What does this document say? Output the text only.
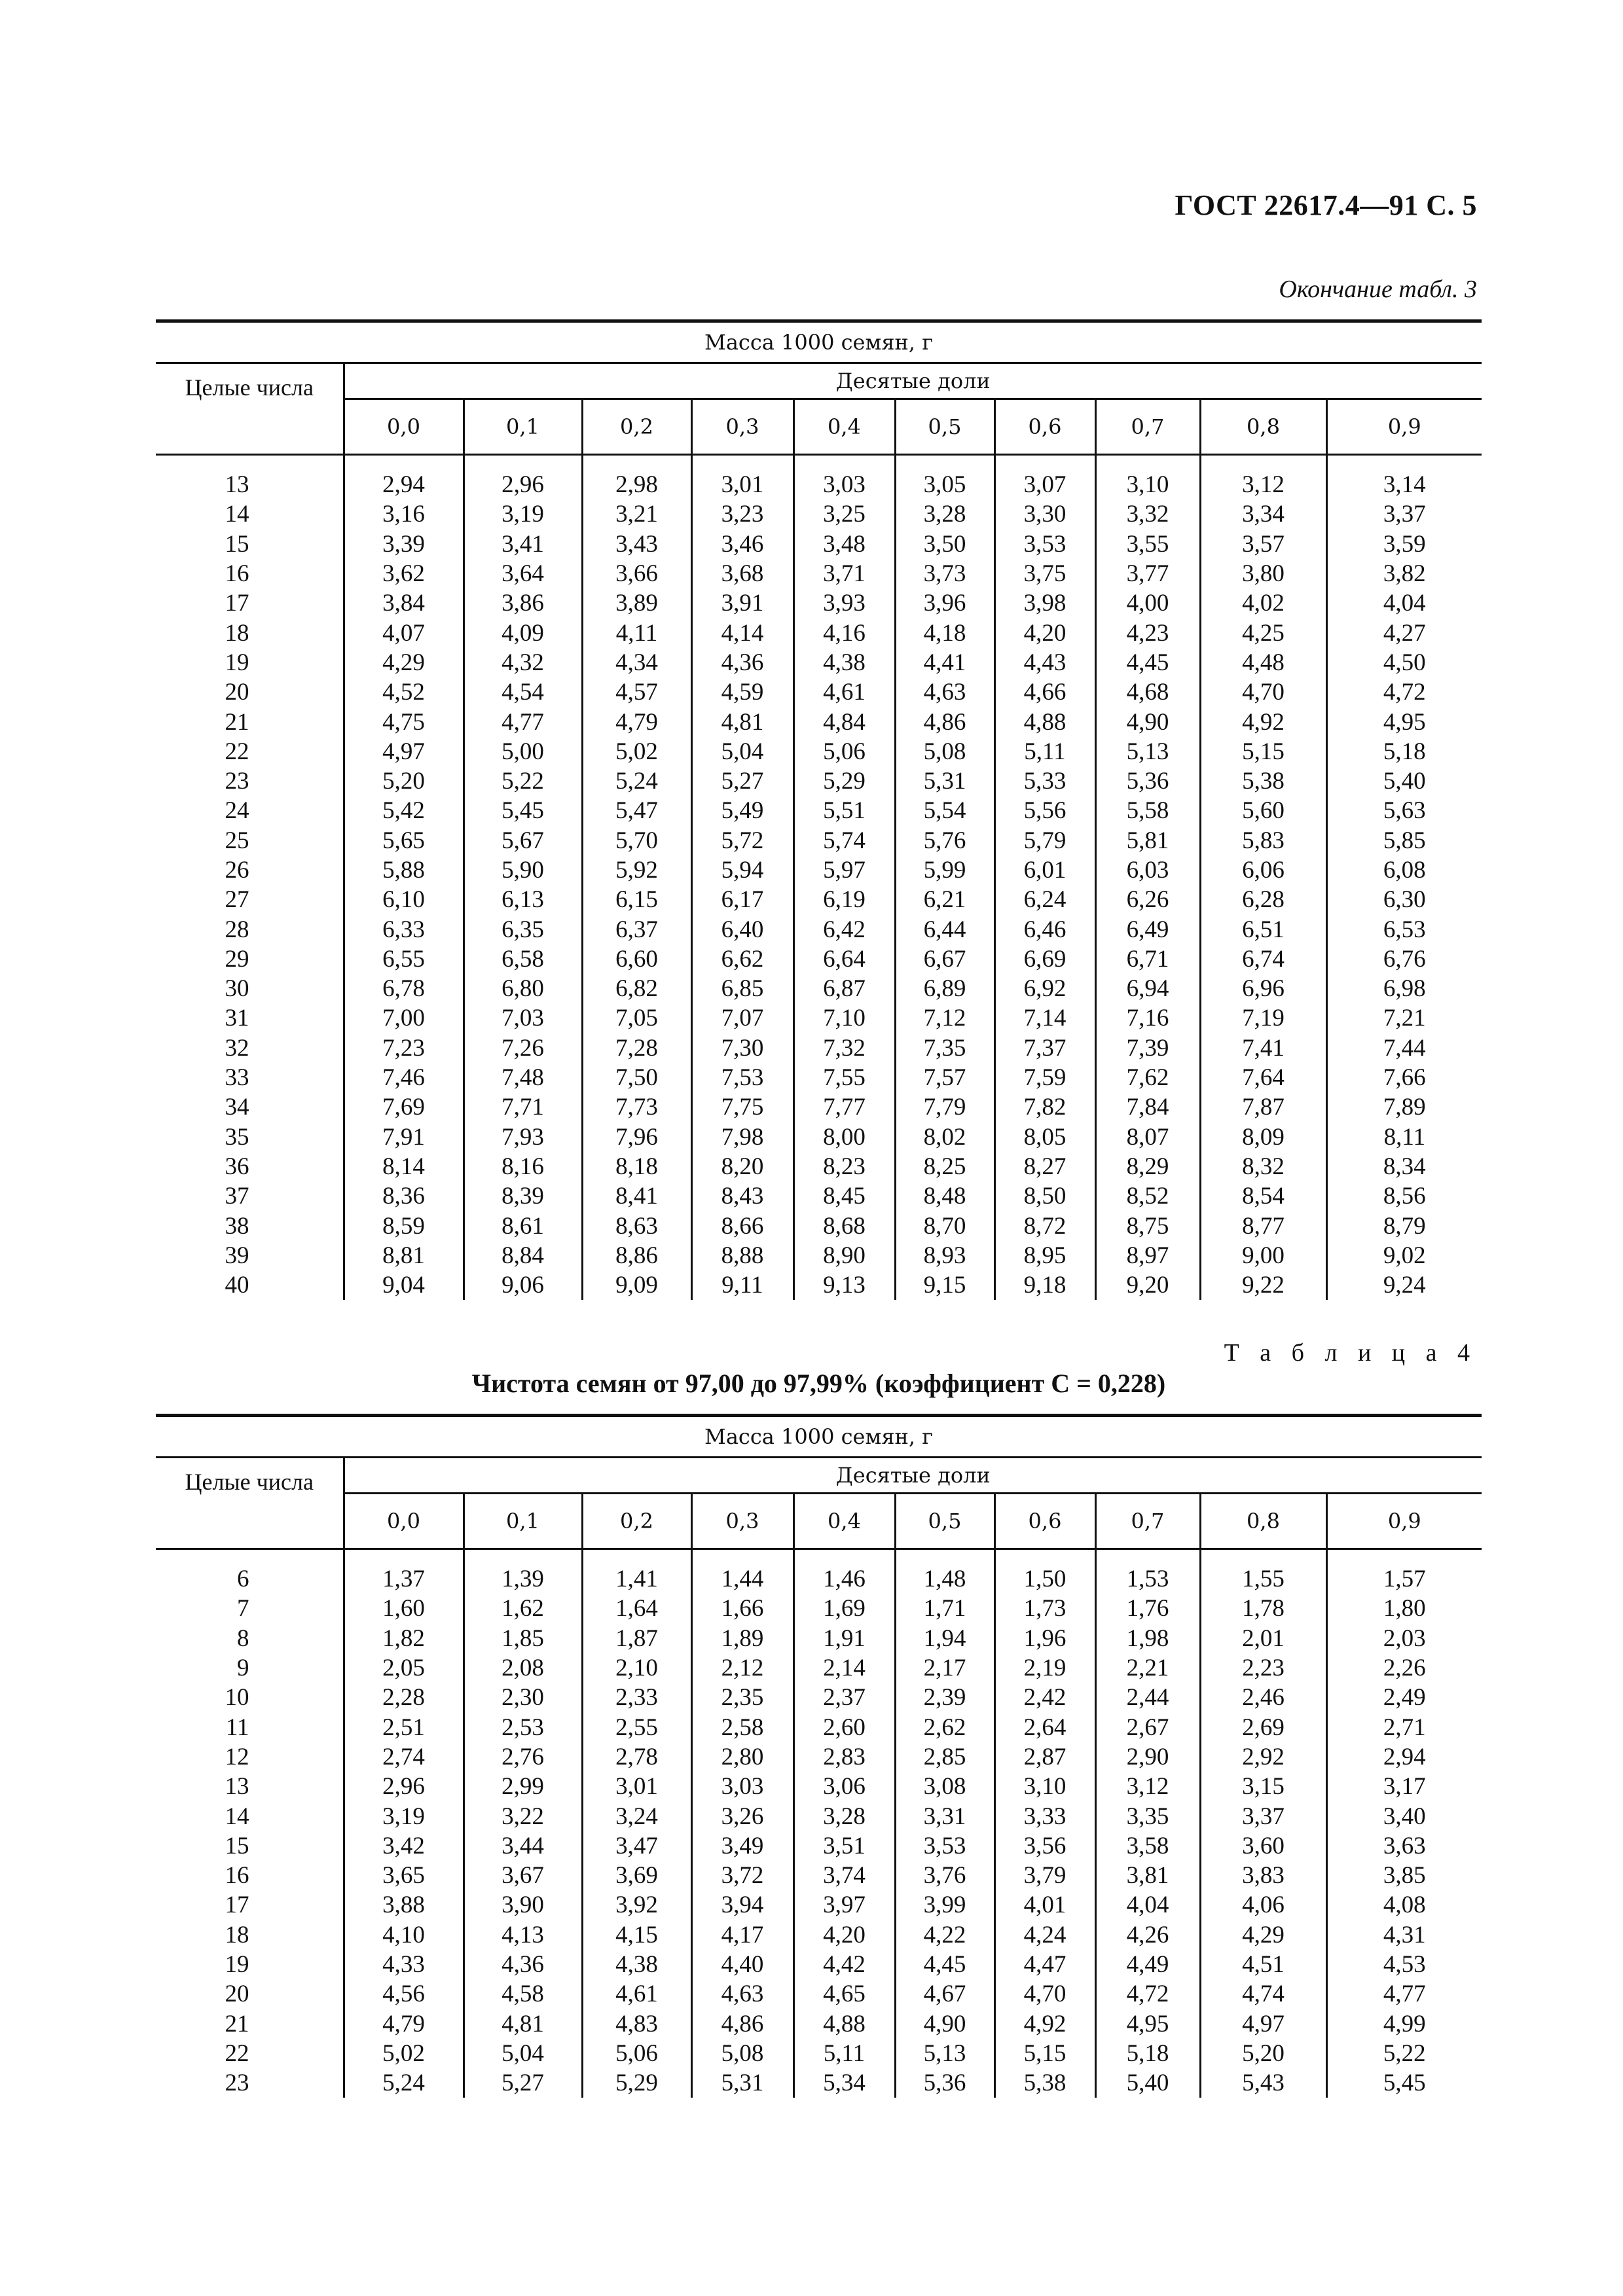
ГОСТ 22617.4—91 С. 5
Окончание табл. 3
Масса 1000 семян, г										
Целые числа	Десятые доли									
	0,0	0,1	0,2	0,3	0,4	0,5	0,6	0,7	0,8	0,9

13	2,94	2,96	2,98	3,01	3,03	3,05	3,07	3,10	3,12	3,14
14	3,16	3,19	3,21	3,23	3,25	3,28	3,30	3,32	3,34	3,37
15	3,39	3,41	3,43	3,46	3,48	3,50	3,53	3,55	3,57	3,59
16	3,62	3,64	3,66	3,68	3,71	3,73	3,75	3,77	3,80	3,82
17	3,84	3,86	3,89	3,91	3,93	3,96	3,98	4,00	4,02	4,04
18	4,07	4,09	4,11	4,14	4,16	4,18	4,20	4,23	4,25	4,27
19	4,29	4,32	4,34	4,36	4,38	4,41	4,43	4,45	4,48	4,50
20	4,52	4,54	4,57	4,59	4,61	4,63	4,66	4,68	4,70	4,72
21	4,75	4,77	4,79	4,81	4,84	4,86	4,88	4,90	4,92	4,95
22	4,97	5,00	5,02	5,04	5,06	5,08	5,11	5,13	5,15	5,18
23	5,20	5,22	5,24	5,27	5,29	5,31	5,33	5,36	5,38	5,40
24	5,42	5,45	5,47	5,49	5,51	5,54	5,56	5,58	5,60	5,63
25	5,65	5,67	5,70	5,72	5,74	5,76	5,79	5,81	5,83	5,85
26	5,88	5,90	5,92	5,94	5,97	5,99	6,01	6,03	6,06	6,08
27	6,10	6,13	6,15	6,17	6,19	6,21	6,24	6,26	6,28	6,30
28	6,33	6,35	6,37	6,40	6,42	6,44	6,46	6,49	6,51	6,53
29	6,55	6,58	6,60	6,62	6,64	6,67	6,69	6,71	6,74	6,76
30	6,78	6,80	6,82	6,85	6,87	6,89	6,92	6,94	6,96	6,98
31	7,00	7,03	7,05	7,07	7,10	7,12	7,14	7,16	7,19	7,21
32	7,23	7,26	7,28	7,30	7,32	7,35	7,37	7,39	7,41	7,44
33	7,46	7,48	7,50	7,53	7,55	7,57	7,59	7,62	7,64	7,66
34	7,69	7,71	7,73	7,75	7,77	7,79	7,82	7,84	7,87	7,89
35	7,91	7,93	7,96	7,98	8,00	8,02	8,05	8,07	8,09	8,11
36	8,14	8,16	8,18	8,20	8,23	8,25	8,27	8,29	8,32	8,34
37	8,36	8,39	8,41	8,43	8,45	8,48	8,50	8,52	8,54	8,56
38	8,59	8,61	8,63	8,66	8,68	8,70	8,72	8,75	8,77	8,79
39	8,81	8,84	8,86	8,88	8,90	8,93	8,95	8,97	9,00	9,02
40	9,04	9,06	9,09	9,11	9,13	9,15	9,18	9,20	9,22	9,24
Т а б л и ц а 4
Чистота семян от 97,00 до 97,99% (коэффициент C = 0,228)
Масса 1000 семян, г										
Целые числа	Десятые доли									
	0,0	0,1	0,2	0,3	0,4	0,5	0,6	0,7	0,8	0,9

6	1,37	1,39	1,41	1,44	1,46	1,48	1,50	1,53	1,55	1,57
7	1,60	1,62	1,64	1,66	1,69	1,71	1,73	1,76	1,78	1,80
8	1,82	1,85	1,87	1,89	1,91	1,94	1,96	1,98	2,01	2,03
9	2,05	2,08	2,10	2,12	2,14	2,17	2,19	2,21	2,23	2,26
10	2,28	2,30	2,33	2,35	2,37	2,39	2,42	2,44	2,46	2,49
11	2,51	2,53	2,55	2,58	2,60	2,62	2,64	2,67	2,69	2,71
12	2,74	2,76	2,78	2,80	2,83	2,85	2,87	2,90	2,92	2,94
13	2,96	2,99	3,01	3,03	3,06	3,08	3,10	3,12	3,15	3,17
14	3,19	3,22	3,24	3,26	3,28	3,31	3,33	3,35	3,37	3,40
15	3,42	3,44	3,47	3,49	3,51	3,53	3,56	3,58	3,60	3,63
16	3,65	3,67	3,69	3,72	3,74	3,76	3,79	3,81	3,83	3,85
17	3,88	3,90	3,92	3,94	3,97	3,99	4,01	4,04	4,06	4,08
18	4,10	4,13	4,15	4,17	4,20	4,22	4,24	4,26	4,29	4,31
19	4,33	4,36	4,38	4,40	4,42	4,45	4,47	4,49	4,51	4,53
20	4,56	4,58	4,61	4,63	4,65	4,67	4,70	4,72	4,74	4,77
21	4,79	4,81	4,83	4,86	4,88	4,90	4,92	4,95	4,97	4,99
22	5,02	5,04	5,06	5,08	5,11	5,13	5,15	5,18	5,20	5,22
23	5,24	5,27	5,29	5,31	5,34	5,36	5,38	5,40	5,43	5,45
